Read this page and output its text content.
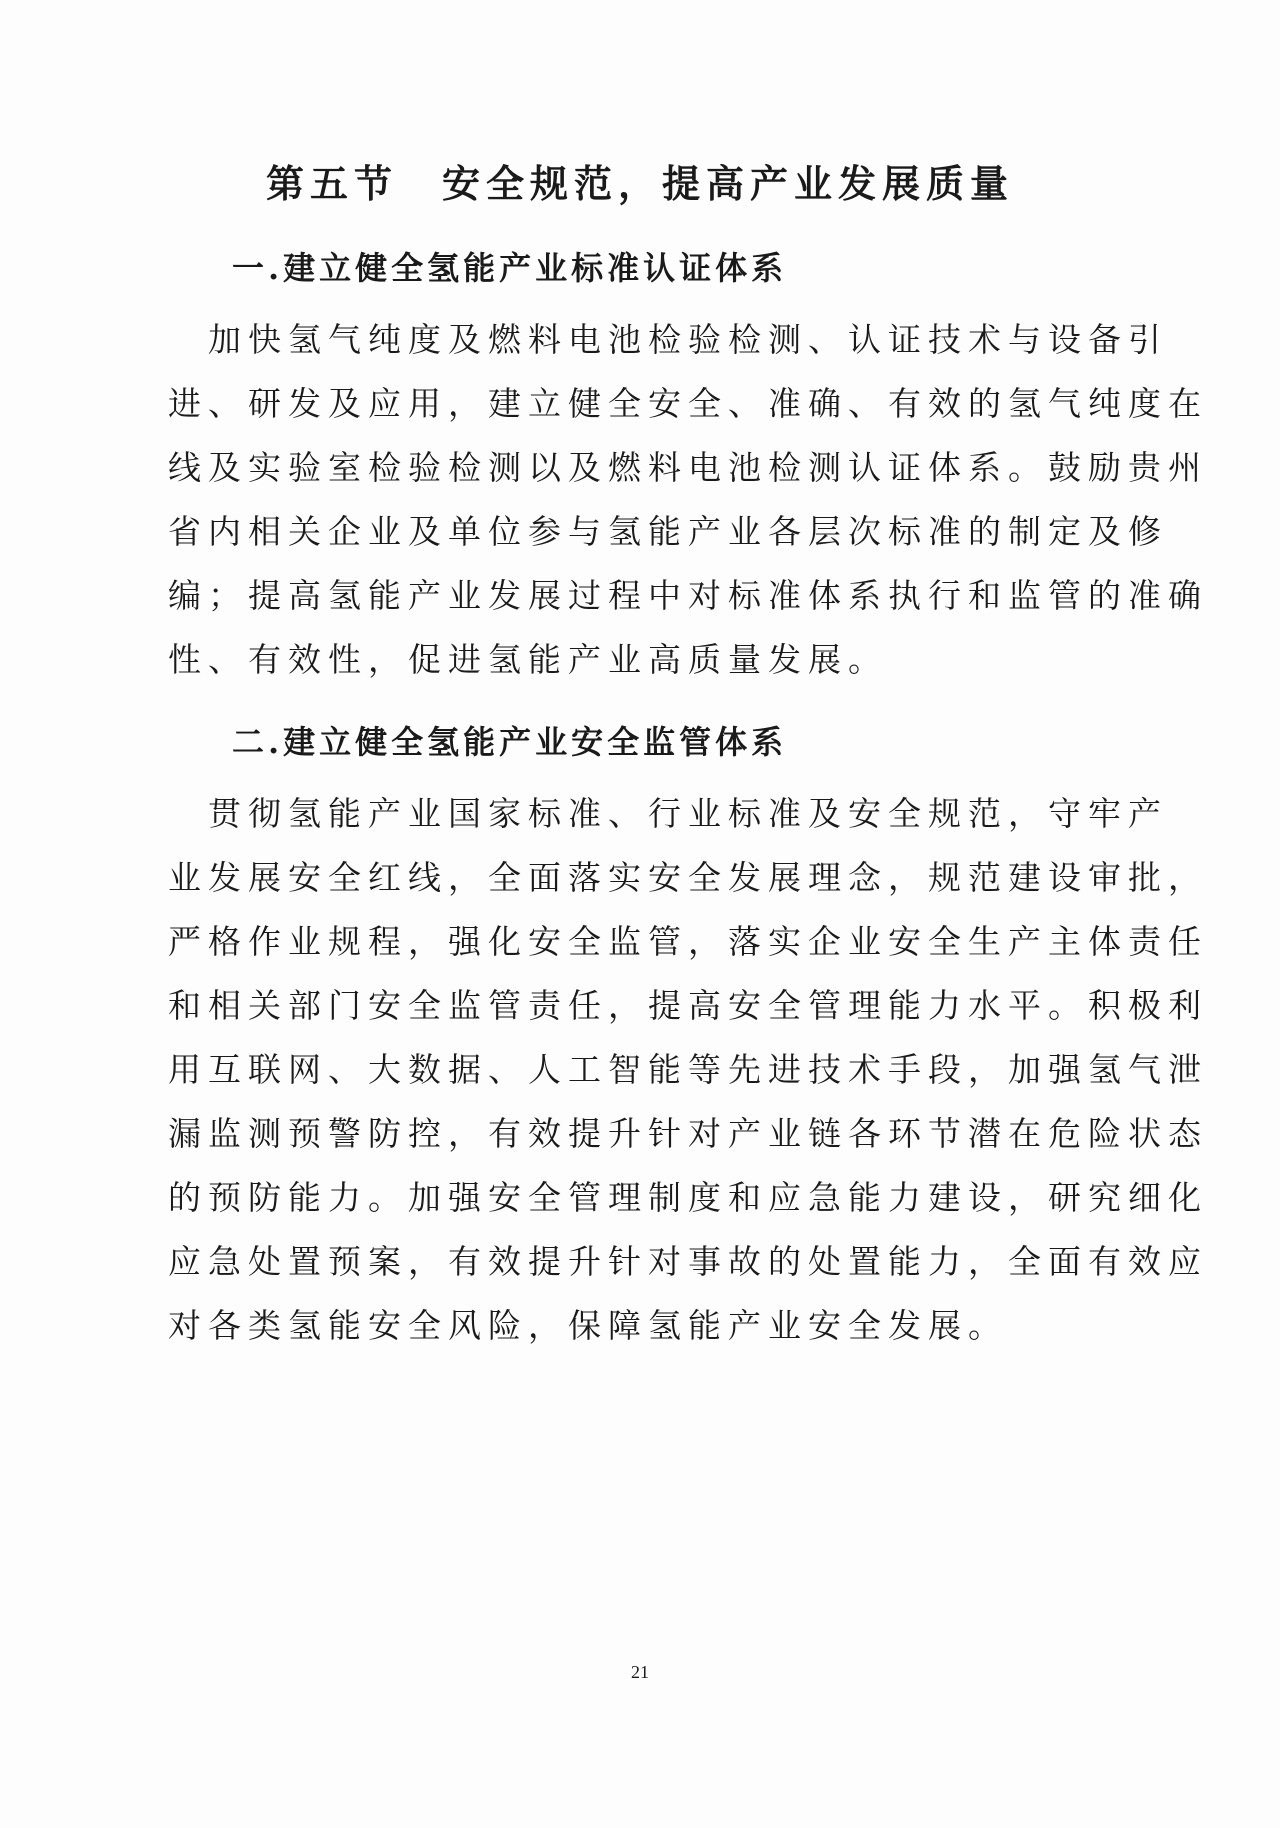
第五节　安全规范，提高产业发展质量
一.建立健全氢能产业标准认证体系
　加快氢气纯度及燃料电池检验检测、认证技术与设备引
进、研发及应用，建立健全安全、准确、有效的氢气纯度在
线及实验室检验检测以及燃料电池检测认证体系。鼓励贵州
省内相关企业及单位参与氢能产业各层次标准的制定及修
编；提高氢能产业发展过程中对标准体系执行和监管的准确
性、有效性，促进氢能产业高质量发展。
二.建立健全氢能产业安全监管体系
　贯彻氢能产业国家标准、行业标准及安全规范，守牢产
业发展安全红线，全面落实安全发展理念，规范建设审批，
严格作业规程，强化安全监管，落实企业安全生产主体责任
和相关部门安全监管责任，提高安全管理能力水平。积极利
用互联网、大数据、人工智能等先进技术手段，加强氢气泄
漏监测预警防控，有效提升针对产业链各环节潜在危险状态
的预防能力。加强安全管理制度和应急能力建设，研究细化
应急处置预案，有效提升针对事故的处置能力，全面有效应
对各类氢能安全风险，保障氢能产业安全发展。
21
